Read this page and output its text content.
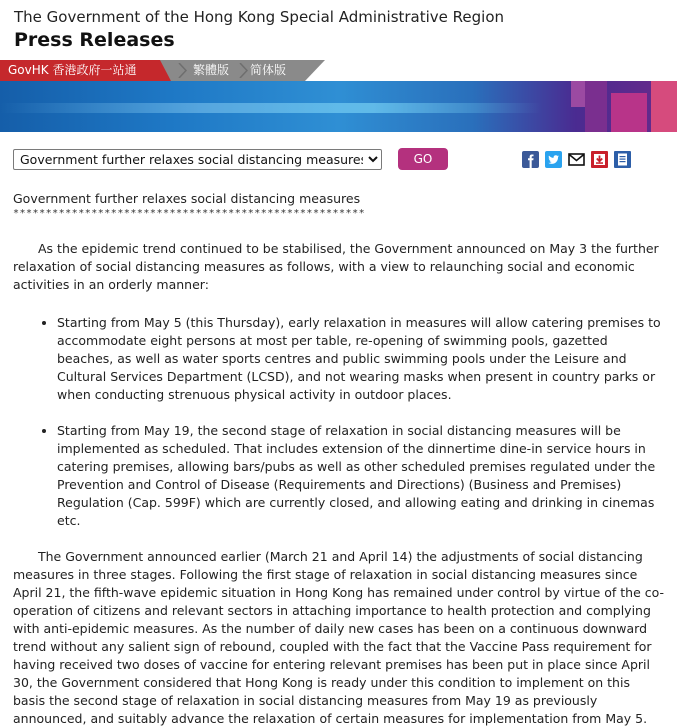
The Government of the Hong Kong Special Administrative Region
Press Releases
GovHK 香港政府一站通	繁體版 简体版
Government further relaxes social distancing measures
GO

Government further relaxes social distancing measures

******************************************************

As the epidemic trend continued to be stabilised, the Government announced on May 3 the further relaxation of social distancing measures as follows, with a view to relaunching social and economic activities in an orderly manner:

• Starting from May 5 (this Thursday), early relaxation in measures will allow catering premises to accommodate eight persons at most per table, re-opening of swimming pools, gazetted beaches, as well as water sports centres and public swimming pools under the Leisure and Cultural Services Department (LCSD), and not wearing masks when present in country parks or when conducting strenuous physical activity in outdoor places.
• Starting from May 19, the second stage of relaxation in social distancing measures will be implemented as scheduled. That includes extension of the dinnertime dine-in service hours in catering premises, allowing bars/pubs as well as other scheduled premises regulated under the Prevention and Control of Disease (Requirements and Directions) (Business and Premises) Regulation (Cap. 599F) which are currently closed, and allowing eating and drinking in cinemas etc.

The Government announced earlier (March 21 and April 14) the adjustments of social distancing measures in three stages. Following the first stage of relaxation in social distancing measures since April 21, the fifth-wave epidemic situation in Hong Kong has remained under control by virtue of the co-operation of citizens and relevant sectors in attaching importance to health protection and complying with anti-epidemic measures. As the number of daily new cases has been on a continuous downward trend without any salient sign of rebound, coupled with the fact that the Vaccine Pass requirement for having received two doses of vaccine for entering relevant premises has been put in place since April 30, the Government considered that Hong Kong is ready under this condition to implement on this basis the second stage of relaxation in social distancing measures from May 19 as previously announced, and suitably advance the relaxation of certain measures for implementation from May 5.
